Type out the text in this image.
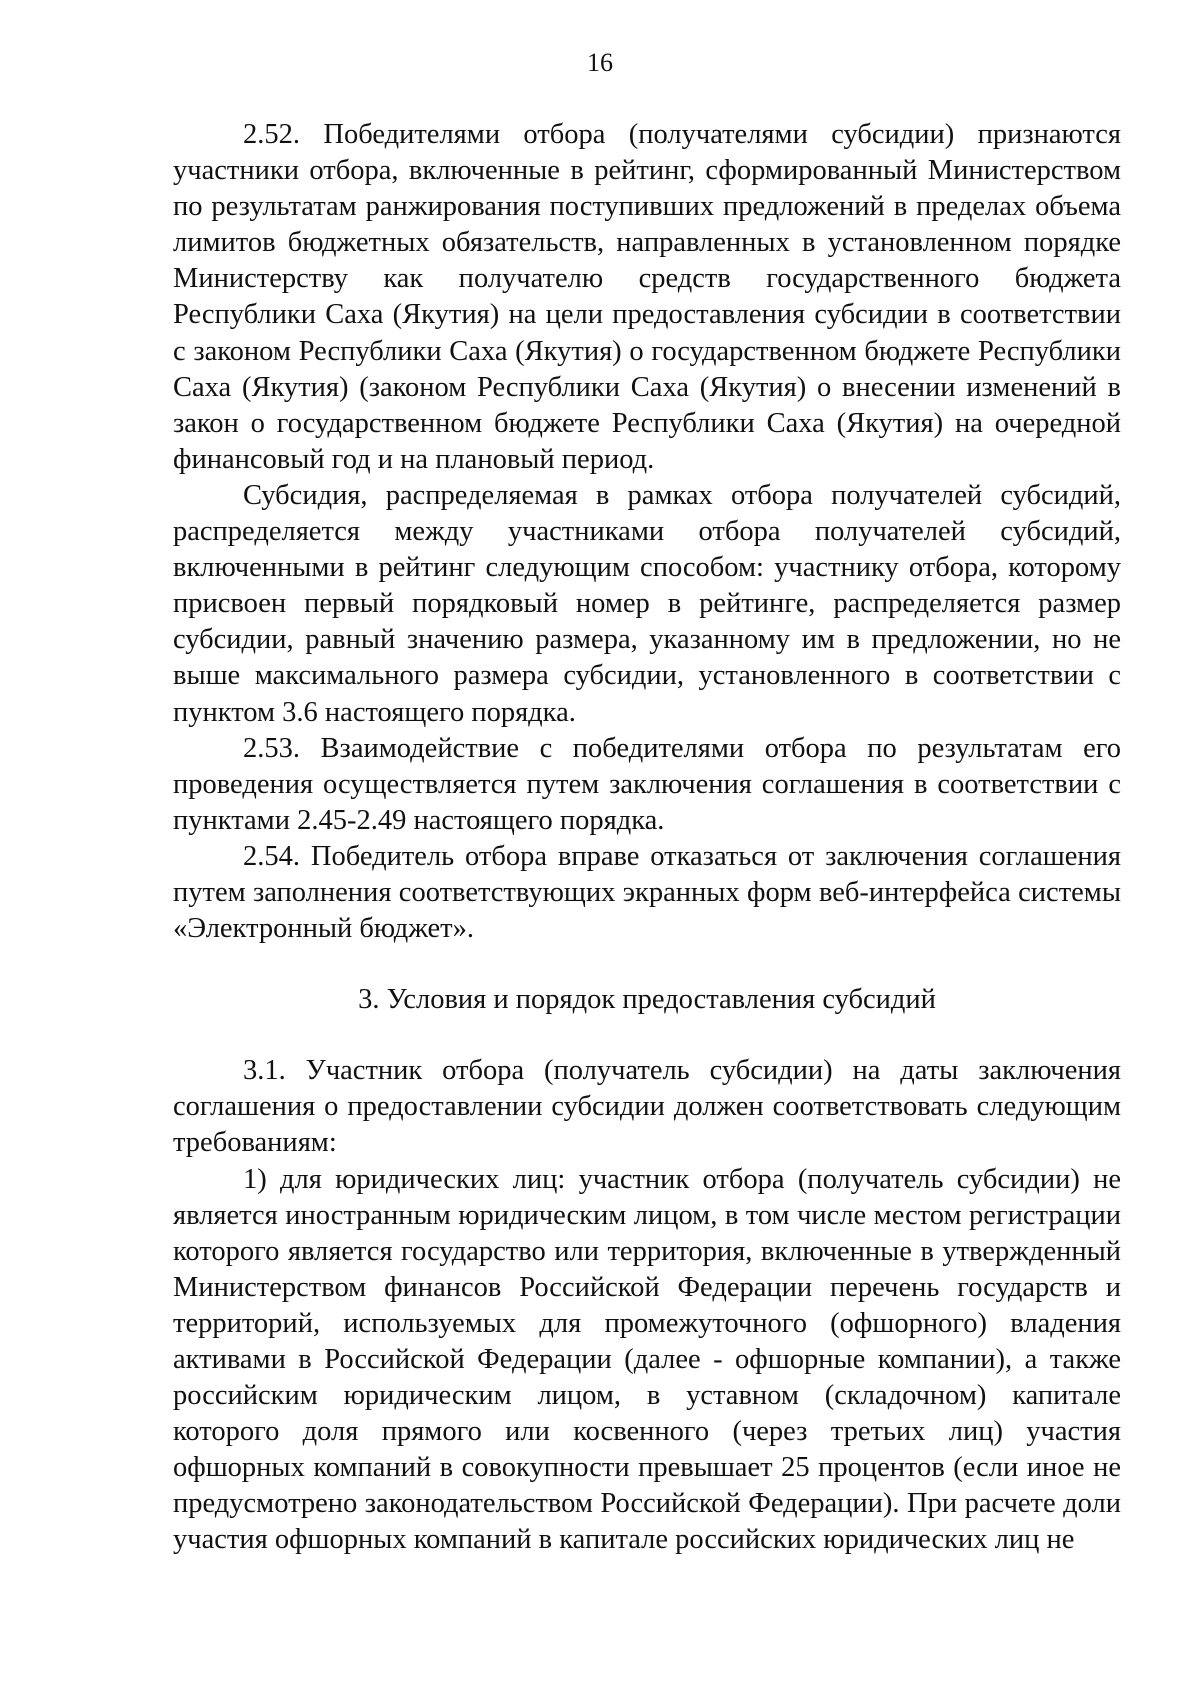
16

2.52. Победителями отбора (получателями субсидии) признаются участники отбора, включенные в рейтинг, сформированный Министерством по результатам ранжирования поступивших предложений в пределах объема лимитов бюджетных обязательств, направленных в установленном порядке Министерству как получателю средств государственного бюджета Республики Саха (Якутия) на цели предоставления субсидии в соответствии с законом Республики Саха (Якутия) о государственном бюджете Республики Саха (Якутия) (законом Республики Саха (Якутия) о внесении изменений в закон о государственном бюджете Республики Саха (Якутия) на очередной финансовый год и на плановый период.

Субсидия, распределяемая в рамках отбора получателей субсидий, распределяется между участниками отбора получателей субсидий, включенными в рейтинг следующим способом: участнику отбора, которому присвоен первый порядковый номер в рейтинге, распределяется размер субсидии, равный значению размера, указанному им в предложении, но не выше максимального размера субсидии, установленного в соответствии с пунктом 3.6 настоящего порядка.

2.53. Взаимодействие с победителями отбора по результатам его проведения осуществляется путем заключения соглашения в соответствии с пунктами 2.45-2.49 настоящего порядка.

2.54. Победитель отбора вправе отказаться от заключения соглашения путем заполнения соответствующих экранных форм веб-интерфейса системы «Электронный бюджет».

3. Условия и порядок предоставления субсидий

3.1. Участник отбора (получатель субсидии) на даты заключения соглашения о предоставлении субсидии должен соответствовать следующим требованиям:

1) для юридических лиц: участник отбора (получатель субсидии) не является иностранным юридическим лицом, в том числе местом регистрации которого является государство или территория, включенные в утвержденный Министерством финансов Российской Федерации перечень государств и территорий, используемых для промежуточного (офшорного) владения активами в Российской Федерации (далее - офшорные компании), а также российским юридическим лицом, в уставном (складочном) капитале которого доля прямого или косвенного (через третьих лиц) участия офшорных компаний в совокупности превышает 25 процентов (если иное не предусмотрено законодательством Российской Федерации). При расчете доли участия офшорных компаний в капитале российских юридических лиц не
